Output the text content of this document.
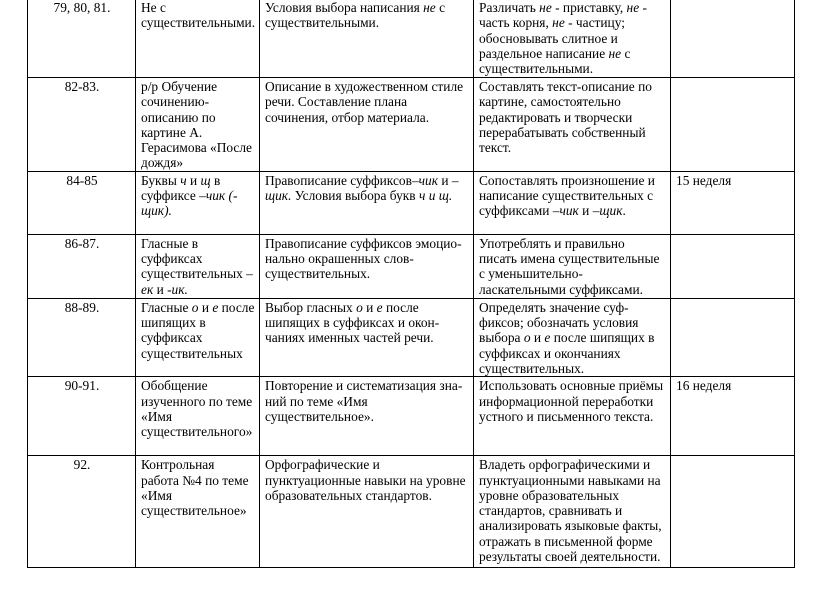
79, 80, 81.	Не с существительными.	Условия выбора написания не с существительными.	Различать не - приставку, не - часть корня, не - частицу; обосновывать слитное и раздельное написание не с существительными.	
82-83.	р/р Обучение сочинению-описанию по картине А. Герасимова «После дождя»	Описание в художественном стиле речи. Составление плана сочинения, отбор материала.	Составлять текст-описание по картине, самостоятельно редактировать и творчески перерабатывать собственный текст.	
84-85	Буквы ч и щ в суффиксе –чик (-щик).	Правописание суффиксов–чик и –щик. Условия выбора букв ч и щ.	Сопоставлять произношение и написание существительных с суффиксами –чик и –щик.	15 неделя
86-87.	Гласные в суффиксах существительных – ек и -ик.	Правописание суффиксов эмоцио-нально окрашенных слов-существительных.	Употреблять и правильно писать имена существительные с уменьшительно-ласкательными суффиксами.	
88-89.	Гласные о и е после шипящих в суффиксах существительных	Выбор гласных о и е после шипящих в суффиксах и окон-чаниях именных частей речи.	Определять значение суф-фиксов; обозначать условия выбора о и е после шипящих в суффиксах и окончаниях существительных.	
90-91.	Обобщение изученного по теме «Имя существительного»	Повторение и систематизация зна-ний по теме «Имя существительное».	Использовать основные приёмы информационной переработки устного и письменного текста.	16 неделя
92.	Контрольная работа №4 по теме «Имя существительное»	Орфографические и пунктуационные навыки на уровне образовательных стандартов.	Владеть орфографическими и пунктуационными навыками на уровне образовательных стандартов, сравнивать и анализировать языковые факты, отражать в письменной форме результаты своей деятельности.	
